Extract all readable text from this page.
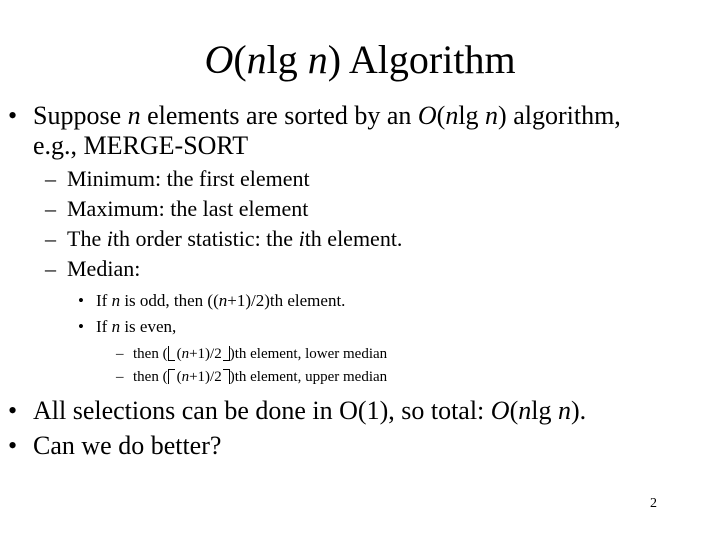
O(nlg n) Algorithm
• Suppose n elements are sorted by an O(nlg n) algorithm,
e.g., MERGE-SORT
– Minimum: the first element
– Maximum: the last element
– The ith order statistic: the ith element.
– Median:
• If n is odd, then ((n+1)/2)th element.
• If n is even,
– then ( (n+1)/2 )th element, lower median
– then ( (n+1)/2 )th element, upper median
• All selections can be done in O(1), so total: O(nlg n).
• Can we do better?
2
